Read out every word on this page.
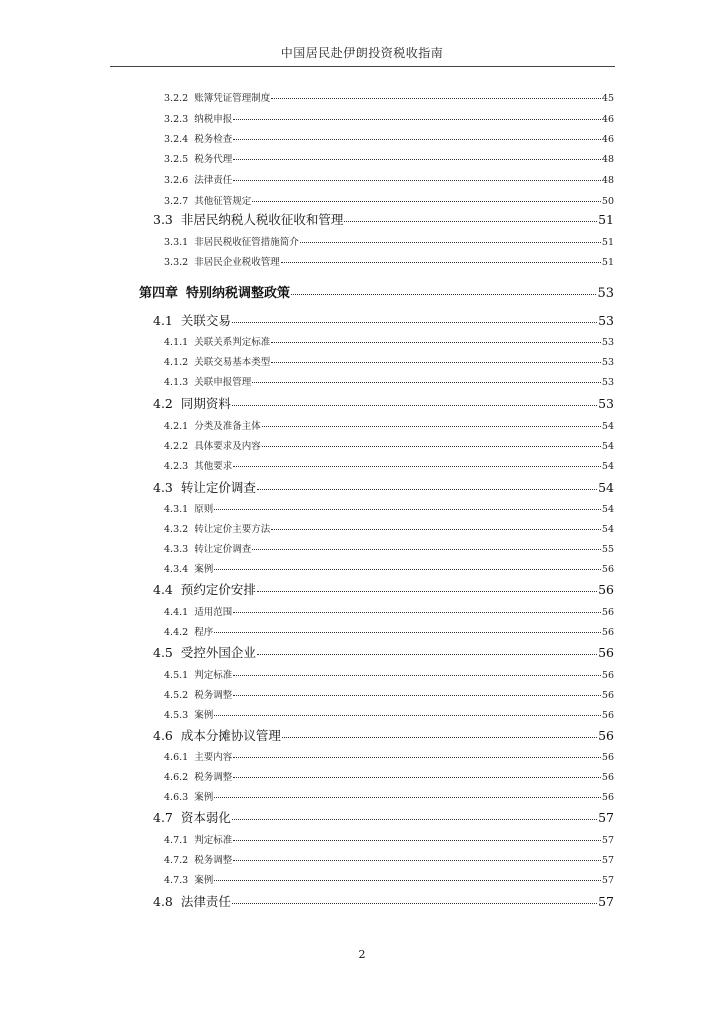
中国居民赴伊朗投资税收指南
3.2.2 账簿凭证管理制度	45
3.2.3 纳税申报	46
3.2.4 税务检查	46
3.2.5 税务代理	48
3.2.6 法律责任	48
3.2.7 其他征管规定	50
3.3 非居民纳税人税收征收和管理	51
3.3.1 非居民税收征管措施简介	51
3.3.2 非居民企业税收管理	51
第四章 特别纳税调整政策	53
4.1 关联交易	53
4.1.1 关联关系判定标准	53
4.1.2 关联交易基本类型	53
4.1.3 关联申报管理	53
4.2 同期资料	53
4.2.1 分类及准备主体	54
4.2.2 具体要求及内容	54
4.2.3 其他要求	54
4.3 转让定价调查	54
4.3.1 原则	54
4.3.2 转让定价主要方法	54
4.3.3 转让定价调查	55
4.3.4 案例	56
4.4 预约定价安排	56
4.4.1 适用范围	56
4.4.2 程序	56
4.5 受控外国企业	56
4.5.1 判定标准	56
4.5.2 税务调整	56
4.5.3 案例	56
4.6 成本分摊协议管理	56
4.6.1 主要内容	56
4.6.2 税务调整	56
4.6.3 案例	56
4.7 资本弱化	57
4.7.1 判定标准	57
4.7.2 税务调整	57
4.7.3 案例	57
4.8 法律责任	57
2
